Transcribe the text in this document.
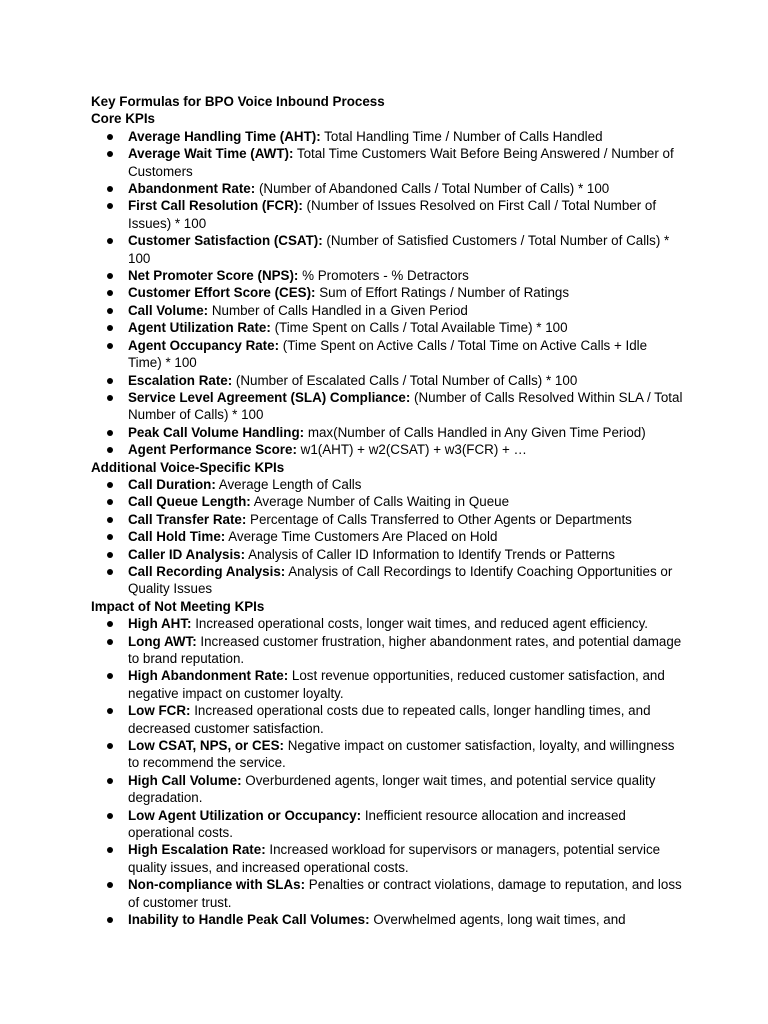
Key Formulas for BPO Voice Inbound Process

Core KPIs

Average Handling Time (AHT): Total Handling Time / Number of Calls Handled
Average Wait Time (AWT): Total Time Customers Wait Before Being Answered / Number of Customers
Abandonment Rate: (Number of Abandoned Calls / Total Number of Calls) * 100
First Call Resolution (FCR): (Number of Issues Resolved on First Call / Total Number of Issues) * 100
Customer Satisfaction (CSAT): (Number of Satisfied Customers / Total Number of Calls) * 100
Net Promoter Score (NPS): % Promoters - % Detractors
Customer Effort Score (CES): Sum of Effort Ratings / Number of Ratings
Call Volume: Number of Calls Handled in a Given Period
Agent Utilization Rate: (Time Spent on Calls / Total Available Time) * 100
Agent Occupancy Rate: (Time Spent on Active Calls / Total Time on Active Calls + Idle Time) * 100
Escalation Rate: (Number of Escalated Calls / Total Number of Calls) * 100
Service Level Agreement (SLA) Compliance: (Number of Calls Resolved Within SLA / Total Number of Calls) * 100
Peak Call Volume Handling: max(Number of Calls Handled in Any Given Time Period)
Agent Performance Score: w1(AHT) + w2(CSAT) + w3(FCR) + …

Additional Voice-Specific KPIs

Call Duration: Average Length of Calls
Call Queue Length: Average Number of Calls Waiting in Queue
Call Transfer Rate: Percentage of Calls Transferred to Other Agents or Departments
Call Hold Time: Average Time Customers Are Placed on Hold
Caller ID Analysis: Analysis of Caller ID Information to Identify Trends or Patterns
Call Recording Analysis: Analysis of Call Recordings to Identify Coaching Opportunities or Quality Issues

Impact of Not Meeting KPIs

High AHT: Increased operational costs, longer wait times, and reduced agent efficiency.
Long AWT: Increased customer frustration, higher abandonment rates, and potential damage to brand reputation.
High Abandonment Rate: Lost revenue opportunities, reduced customer satisfaction, and negative impact on customer loyalty.
Low FCR: Increased operational costs due to repeated calls, longer handling times, and decreased customer satisfaction.
Low CSAT, NPS, or CES: Negative impact on customer satisfaction, loyalty, and willingness to recommend the service.
High Call Volume: Overburdened agents, longer wait times, and potential service quality degradation.
Low Agent Utilization or Occupancy: Inefficient resource allocation and increased operational costs.
High Escalation Rate: Increased workload for supervisors or managers, potential service quality issues, and increased operational costs.
Non-compliance with SLAs: Penalties or contract violations, damage to reputation, and loss of customer trust.
Inability to Handle Peak Call Volumes: Overwhelmed agents, long wait times, and
